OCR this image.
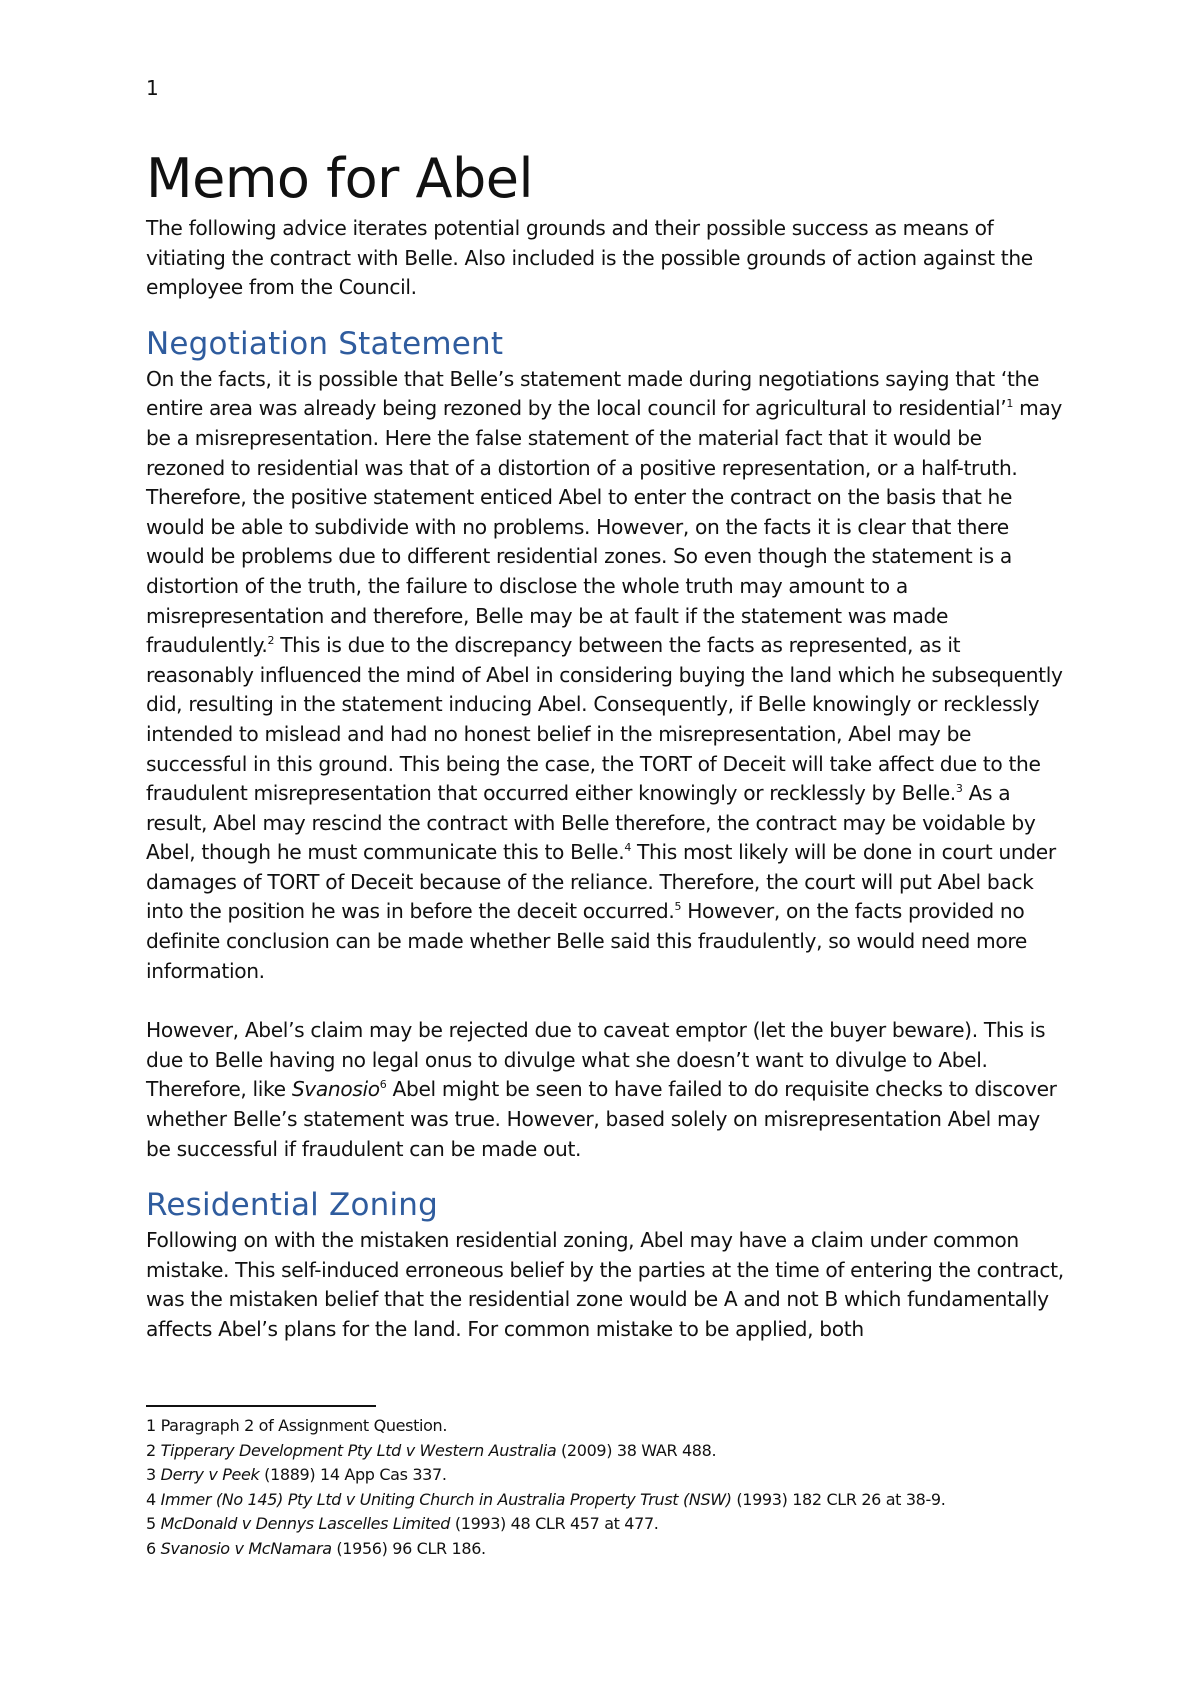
1
Memo for Abel

The following advice iterates potential grounds and their possible success as means of vitiating the contract with Belle. Also included is the possible grounds of action against the employee from the Council.

Negotiation Statement

On the facts, it is possible that Belle’s statement made during negotiations saying that ‘the entire area was already being rezoned by the local council for agricultural to residential’$^1$ may be a misrepresentation. Here the false statement of the material fact that it would be rezoned to residential was that of a distortion of a positive representation, or a half-truth. Therefore, the positive statement enticed Abel to enter the contract on the basis that he would be able to subdivide with no problems. However, on the facts it is clear that there would be problems due to different residential zones. So even though the statement is a distortion of the truth, the failure to disclose the whole truth may amount to a misrepresentation and therefore, Belle may be at fault if the statement was made fraudulently.$^2$ This is due to the discrepancy between the facts as represented, as it reasonably influenced the mind of Abel in considering buying the land which he subsequently did, resulting in the statement inducing Abel. Consequently, if Belle knowingly or recklessly intended to mislead and had no honest belief in the misrepresentation, Abel may be successful in this ground. This being the case, the TORT of Deceit will take affect due to the fraudulent misrepresentation that occurred either knowingly or recklessly by Belle.$^3$ As a result, Abel may rescind the contract with Belle therefore, the contract may be voidable by Abel, though he must communicate this to Belle.$^4$ This most likely will be done in court under damages of TORT of Deceit because of the reliance. Therefore, the court will put Abel back into the position he was in before the deceit occurred.$^5$ However, on the facts provided no definite conclusion can be made whether Belle said this fraudulently, so would need more information.

However, Abel’s claim may be rejected due to caveat emptor (let the buyer beware). This is due to Belle having no legal onus to divulge what she doesn’t want to divulge to Abel. Therefore, like Svanosio$^6$ Abel might be seen to have failed to do requisite checks to discover whether Belle’s statement was true. However, based solely on misrepresentation Abel may be successful if fraudulent can be made out.

Residential Zoning

Following on with the mistaken residential zoning, Abel may have a claim under common mistake. This self-induced erroneous belief by the parties at the time of entering the contract, was the mistaken belief that the residential zone would be A and not B which fundamentally affects Abel’s plans for the land. For common mistake to be applied, both

1 Paragraph 2 of Assignment Question.

2 Tipperary Development Pty Ltd v Western Australia (2009) 38 WAR 488.

3 Derry v Peek (1889) 14 App Cas 337.

4 Immer (No 145) Pty Ltd v Uniting Church in Australia Property Trust (NSW) (1993) 182 CLR 26 at 38-9.

5 McDonald v Dennys Lascelles Limited (1993) 48 CLR 457 at 477.

6 Svanosio v McNamara (1956) 96 CLR 186.
